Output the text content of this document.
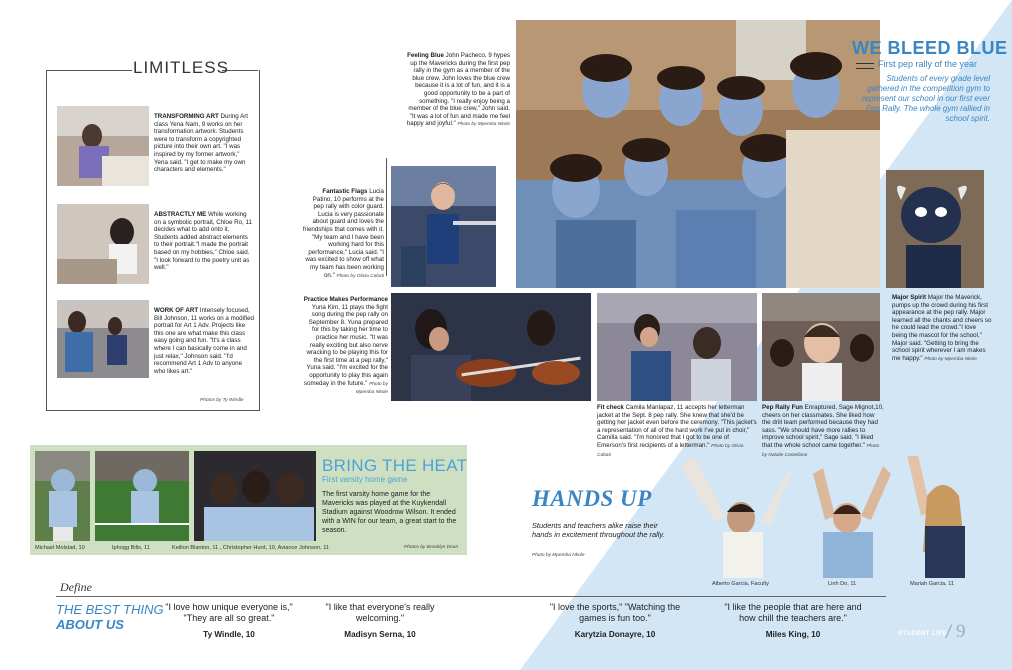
LIMITLESS
TRANSFORMING ART During Art class Yena Nam, 9 works on her transformation artwork. Students were to transform a copyrighted picture into their own art. "I was inspired by my former artwork," Yena said. "I get to make my own characters and elements."
ABSTRACTLY ME While working on a symbolic portrait, Chloe Ro, 11 decides what to add onto it. Students added abstract elements to their portrait."I made the portrait based on my hobbies," Chloe said. "I look forward to the poetry unit as well."
WORK OF ART Intensely focused, Bill Johnson, 11 works on a modified portrait for Art 1 Adv. Projects like this one are what make this class easy going and fun. "It's a class where I can basically come in and just relax," Johnson said. "I'd recommend Art 1 Adv to anyone who likes art."
Photos by Ty Windle
Feeling Blue John Pacheco, 9 hypes up the Mavericks during the first pep rally in the gym as a member of the blue crew. John loves the blue crew because it is a lot of fun, and it is a good opportunity to be a part of something. "I really enjoy being a member of the blue crew," John said. "It was a lot of fun and made me feel happy and joyful." Photo by Mpemba Nkole
Fantastic Flags Lucia Patino, 10 performs at the pep rally with color guard. Lucia is very passionate about guard and loves the friendships that comes with it. "My team and I have been working hard for this performance," Lucia said. "I was excited to show off what my team has been working on." Photo by Olivia Cabati
Practice Makes Performance Yuna Kim, 11 plays the fight song during the pep rally on September 8. Yuna prepared for this by taking her time to practice her music. "It was really exciting but also nerve wracking to be playing this for the first time at a pep rally," Yuna said. "I'm excited for the opportunity to play this again someday in the future." Photo by Mpemba Nkole
WE BLEED BLUE
First pep rally of the year
Students of every grade level gathered in the competition gym to represent our school in our first ever Pep Rally. The whole gym rallied in school spirit.
Fit check Camila Manlapaz, 11 accepts her letterman jacket at the Sept. 8 pep rally. She knew that she'd be getting her jacket even before the ceremony. "This jacket's a representation of all of the hard work I've put in choir," Camilla said. "I'm honored that I got to be one of Emerson's first recipients of a letterman." Photo by Olivia Cabati
Pep Rally Fun Enraptured, Sage Mignot,10, cheers on her classmates. She liked how the drill team performed because they had sass. "We should have more rallies to improve school spirit," Sage said. "I liked that the whole school came together." Photo by Natalie Castellano
Major Spirit Major the Maverick, pumps up the crowd during his first appearance at the pep rally. Major learned all the chants and cheers so he could lead the crowd."I love being the mascot for the school," Major said. "Getting to bring the school spirit wherever I am makes me happy." Photo by Mpemba Nkole
BRING THE HEAT
First varsity home game
The first varsity home game for the Mavericks was played at the Kuykendall Stadium against Woodrow Wilson. It ended with a WIN for our team, a great start to the season.
Michael Molstad, 10	Iphogg Bills, 11	Keillon Blanton, 11 , Christopher Hurd, 10, Aviance Johnson, 11	Photos by Brooklyn Dean
HANDS UP
Students and teachers alike raise their hands in excitement throughout the rally.
Photo by Mpemba Nkole
Alberto Garcia, Faculty	Linh Do, 11	Mariah Garcia, 11
Define
THE BEST THING
ABOUT US
"I love how unique everyone is," "They are all so great."
Ty Windle, 10
"I like that everyone's really welcoming."
Madisyn Serna, 10
"I love the sports," "Watching the games is fun too."
Karytzia Donayre, 10
"I like the people that are here and how chill the teachers are."
Miles King, 10	STUDENT LIFE / 9
